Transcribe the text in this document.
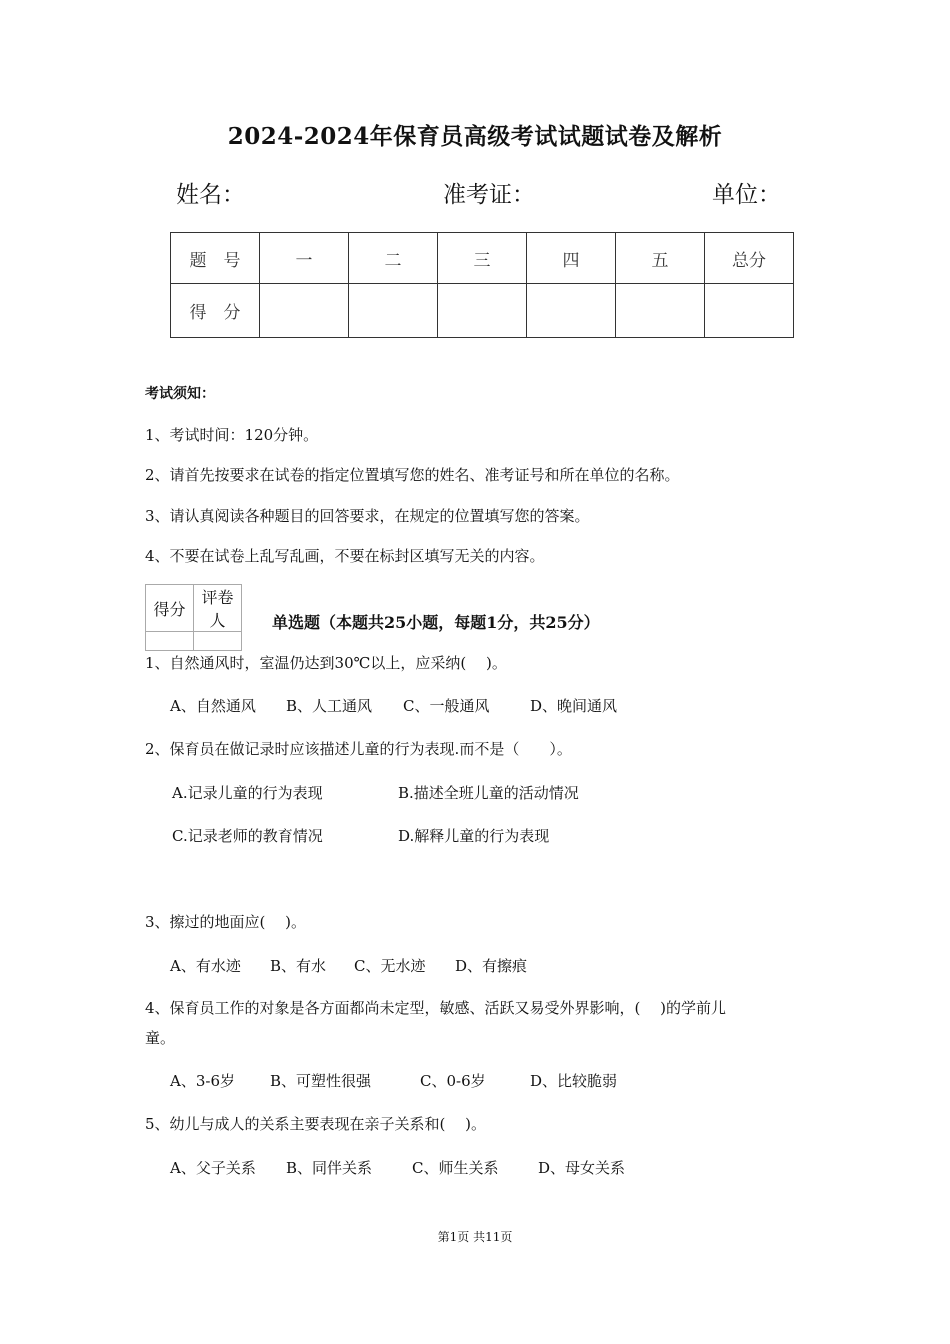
2024-2024年保育员高级考试试题试卷及解析
姓名：	准考证：	单位：
题　号	一	二	三	四	五	总分
得　分						
考试须知：
1、考试时间：120分钟。
2、请首先按要求在试卷的指定位置填写您的姓名、准考证号和所在单位的名称。
3、请认真阅读各种题目的回答要求，在规定的位置填写您的答案。
4、不要在试卷上乱写乱画，不要在标封区填写无关的内容。
得分	评卷人
		单选题（本题共25小题，每题1分，共25分）
1、自然通风时，室温仍达到30℃以上，应采纳(　 )。
A、自然通风 B、人工通风 C、一般通风	D、晚间通风
2、保育员在做记录时应该描述儿童的行为表现.而不是（　　）。
A.记录儿童的行为表现	B.描述全班儿童的活动情况
C.记录老师的教育情况	D.解释儿童的行为表现
3、擦过的地面应(　 )。
A、有水迹 B、有水 C、无水迹 D、有擦痕
4、保育员工作的对象是各方面都尚未定型，敏感、活跃又易受外界影响，(　 )的学前儿
童。
A、3-6岁 B、可塑性很强	C、0-6岁	D、比较脆弱
5、幼儿与成人的关系主要表现在亲子关系和(　 )。
A、父子关系 B、同伴关系	C、师生关系	D、母女关系
第1页 共11页
